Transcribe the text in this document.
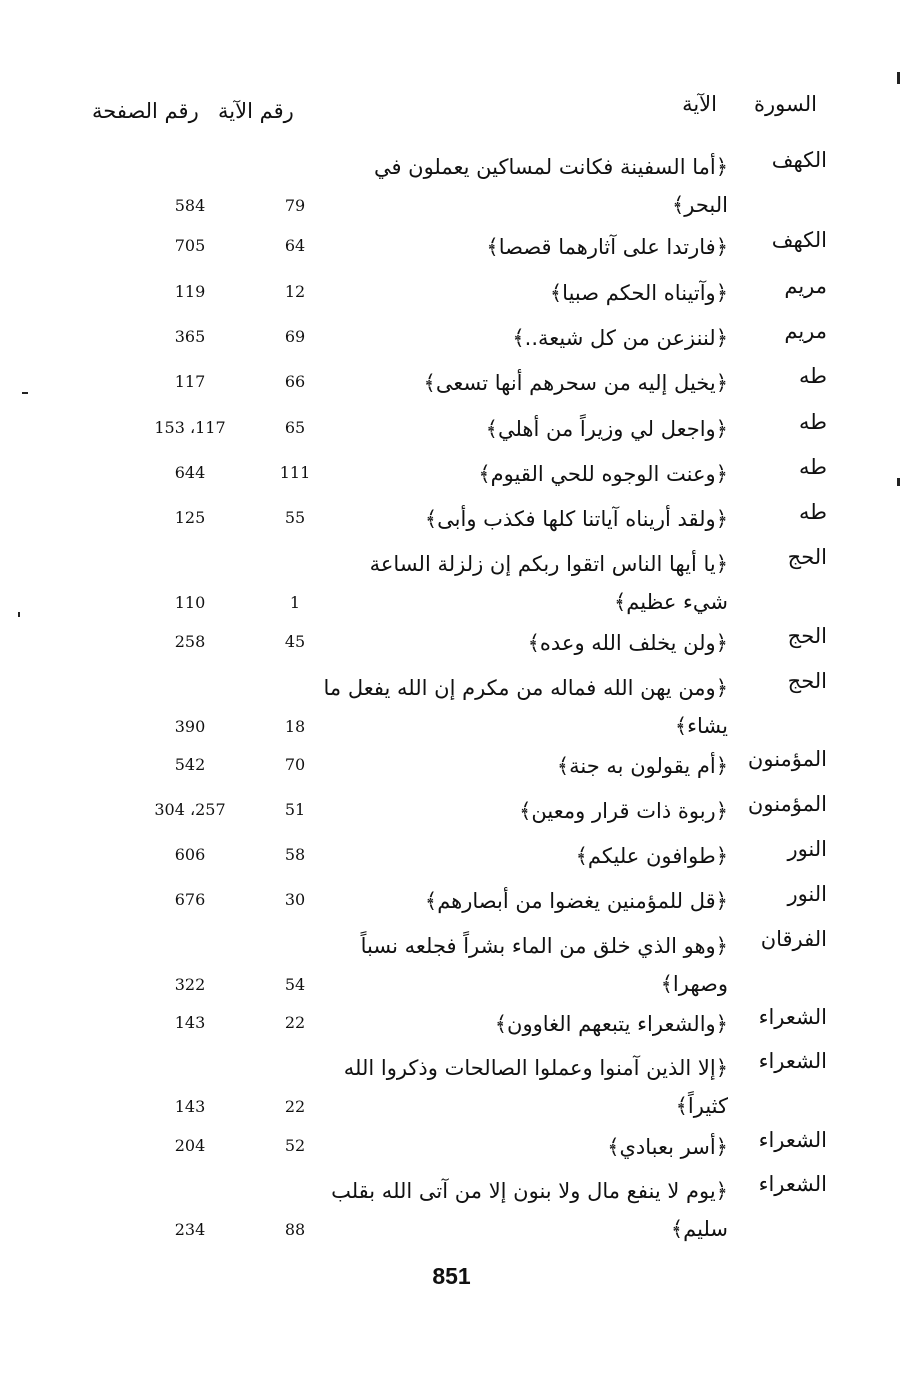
السورة
الآية
رقم الآية
رقم الصفحة
الكهف
﴿أما السفينة فكانت لمساكين يعملون في البحر﴾
79
584
الكهف
﴿فارتدا على آثارهما قصصا﴾
64
705
مريم
﴿وآتيناه الحكم صبيا﴾
12
119
مريم
﴿لننزعن من كل شيعة..﴾
69
365
طه
﴿يخيل إليه من سحرهم أنها تسعى﴾
66
117
طه
﴿واجعل لي وزيراً من أهلي﴾
65
117، 153
طه
﴿وعنت الوجوه للحي القيوم﴾
111
644
طه
﴿ولقد أريناه آياتنا كلها فكذب وأبى﴾
55
125
الحج
﴿يا أيها الناس اتقوا ربكم إن زلزلة الساعة شيء عظيم﴾
1
110
الحج
﴿ولن يخلف الله وعده﴾
45
258
الحج
﴿ومن يهن الله فماله من مكرم إن الله يفعل ما يشاء﴾
18
390
المؤمنون
﴿أم يقولون به جنة﴾
70
542
المؤمنون
﴿ربوة ذات قرار ومعين﴾
51
257، 304
النور
﴿طوافون عليكم﴾
58
606
النور
﴿قل للمؤمنين يغضوا من أبصارهم﴾
30
676
الفرقان
﴿وهو الذي خلق من الماء بشراً فجلعه نسباً وصهرا﴾
54
322
الشعراء
﴿والشعراء يتبعهم الغاوون﴾
22
143
الشعراء
﴿إلا الذين آمنوا وعملوا الصالحات وذكروا الله كثيراً﴾
22
143
الشعراء
﴿أسر بعبادي﴾
52
204
الشعراء
﴿يوم لا ينفع مال ولا بنون إلا من آتى الله بقلب سليم﴾
88
234
851
